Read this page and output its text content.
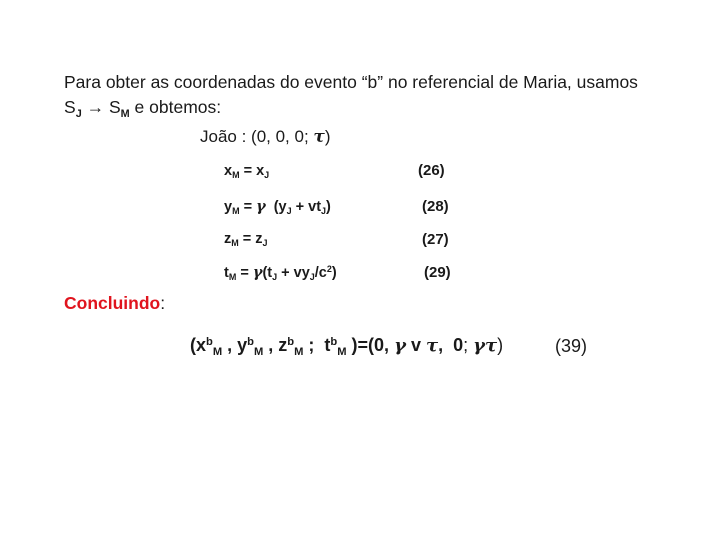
Para obter as coordenadas do evento “b” no referencial de Maria, usamos
$S_J \to S_M$ e obtemos:
João : (0, 0, 0; τ)
$x_M = x_J$	(26)
$y_M = \gamma$  $(y_J + vt_J)$	(28)
$z_M = z_J$	(27)
$t_M = \gamma(t_J + vy_J/c^2)$	(29)
Concluindo:
($x^b_M$ , $y^b_M$ , $z^b_M$ ;  $t^b_M$ )=(0, γ v τ,  0; γτ)	(39)
